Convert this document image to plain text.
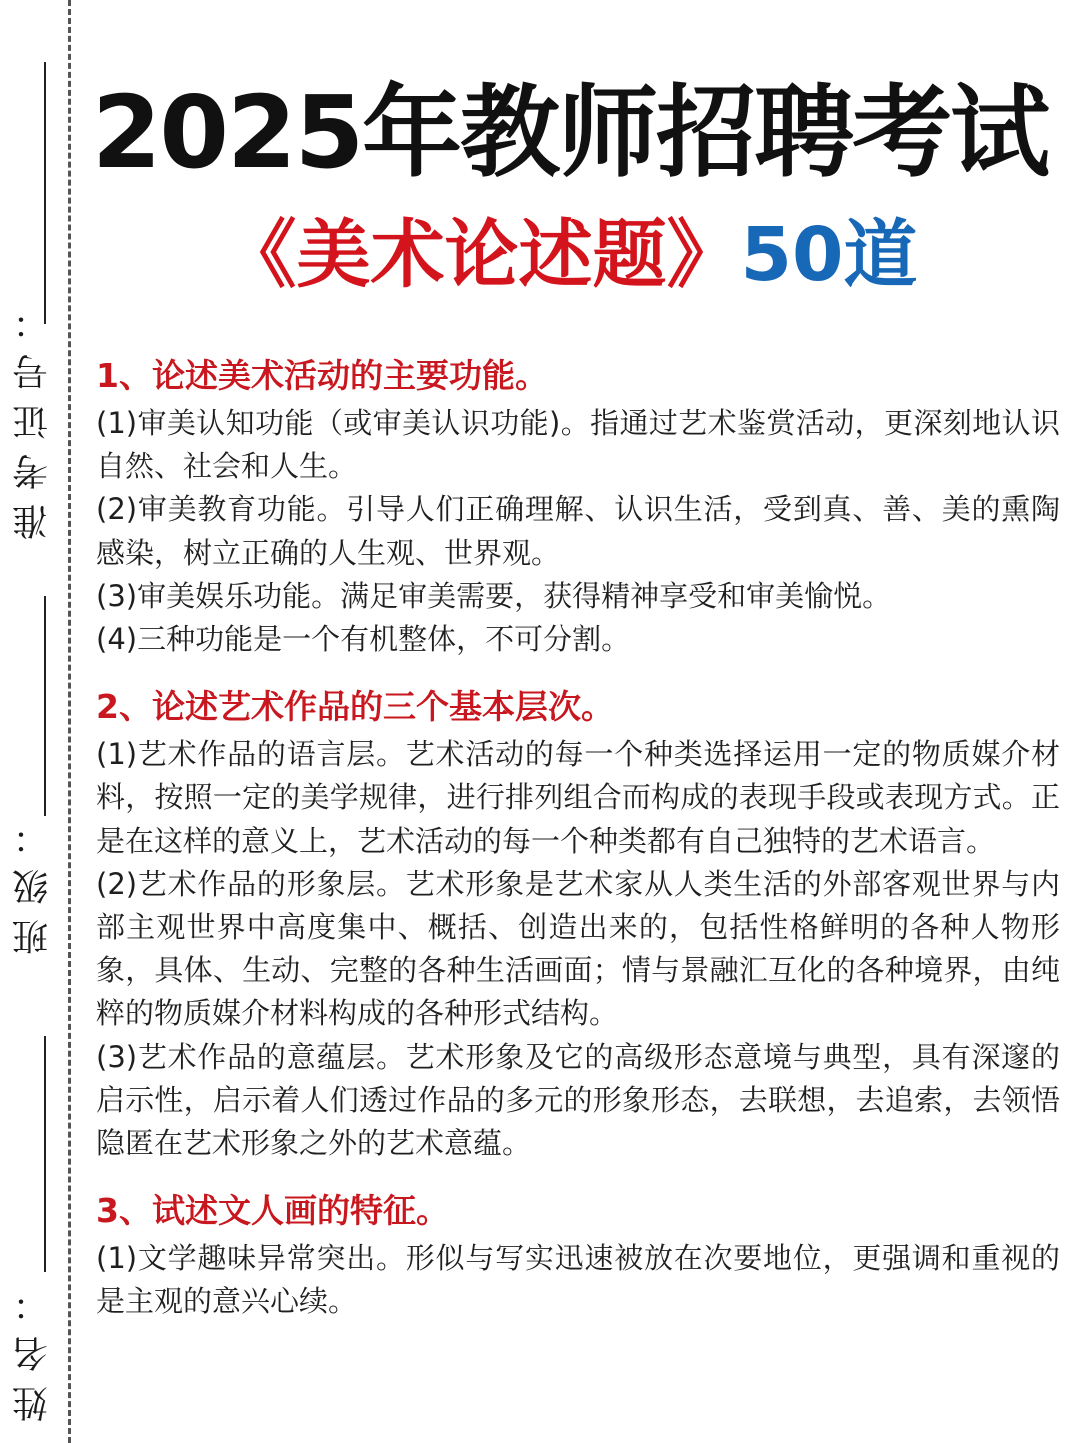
准考证号：
班级：
姓名：
2025年教师招聘考试
《美术论述题》50道

1、论述美术活动的主要功能。

(1)审美认知功能（或审美认识功能)。指通过艺术鉴赏活动，更深刻地认识自然、社会和人生。

(2)审美教育功能。引导人们正确理解、认识生活，受到真、善、美的熏陶感染，树立正确的人生观、世界观。

(3)审美娱乐功能。满足审美需要，获得精神享受和审美愉悦。

(4)三种功能是一个有机整体，不可分割。

2、论述艺术作品的三个基本层次。

(1)艺术作品的语言层。艺术活动的每一个种类选择运用一定的物质媒介材料，按照一定的美学规律，进行排列组合而构成的表现手段或表现方式。正是在这样的意义上，艺术活动的每一个种类都有自己独特的艺术语言。

(2)艺术作品的形象层。艺术形象是艺术家从人类生活的外部客观世界与内部主观世界中高度集中、概括、创造出来的，包括性格鲜明的各种人物形象，具体、生动、完整的各种生活画面；情与景融汇互化的各种境界，由纯粹的物质媒介材料构成的各种形式结构。

(3)艺术作品的意蕴层。艺术形象及它的高级形态意境与典型，具有深邃的启示性，启示着人们透过作品的多元的形象形态，去联想，去追索，去领悟隐匿在艺术形象之外的艺术意蕴。

3、试述文人画的特征。

(1)文学趣味异常突出。形似与写实迅速被放在次要地位，更强调和重视的是主观的意兴心续。
